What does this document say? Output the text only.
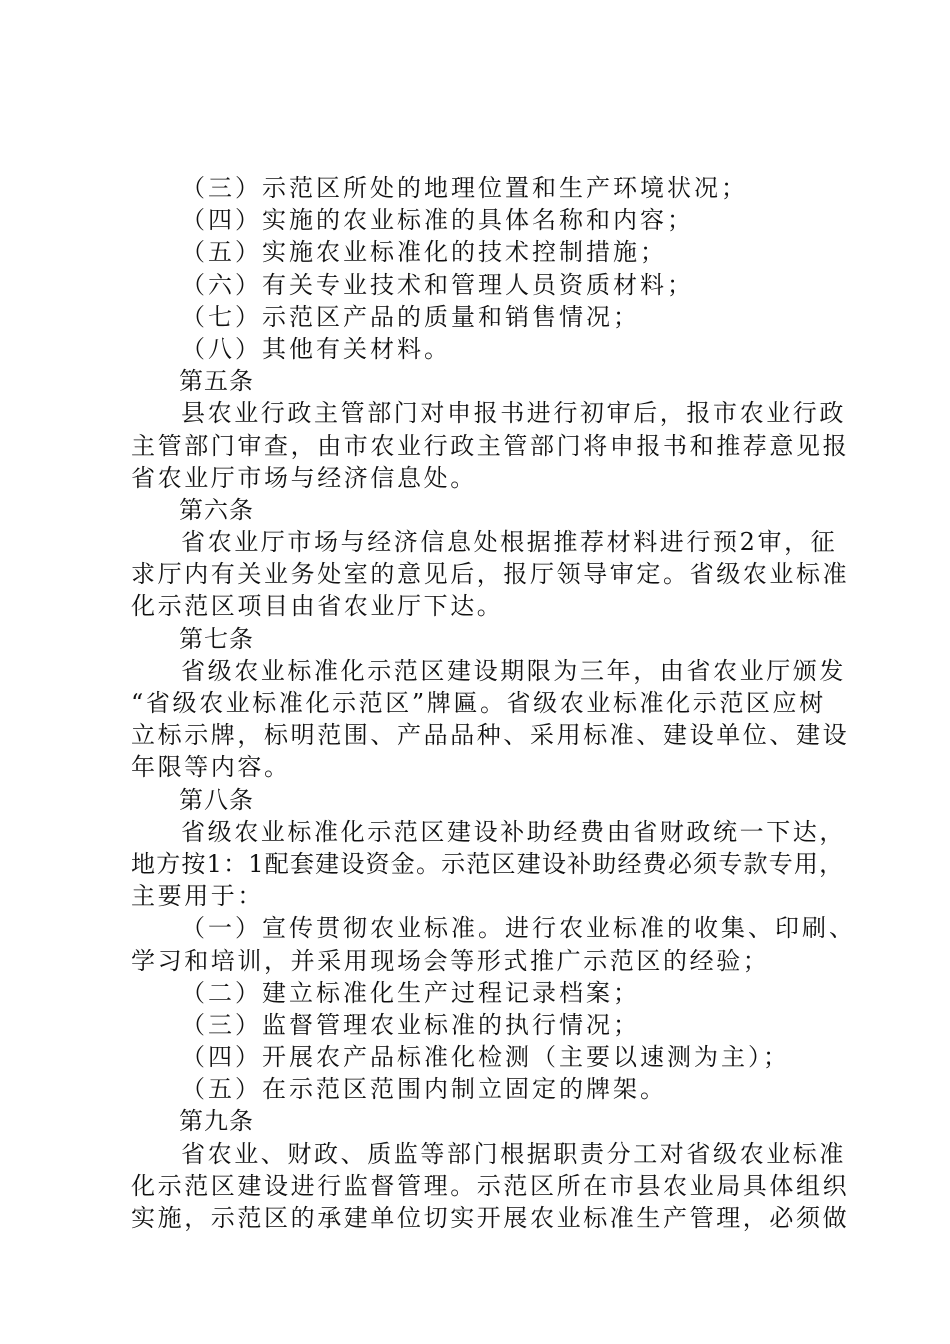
（三）示范区所处的地理位置和生产环境状况；
（四）实施的农业标准的具体名称和内容；
（五）实施农业标准化的技术控制措施；
（六）有关专业技术和管理人员资质材料；
（七）示范区产品的质量和销售情况；
（八）其他有关材料。
第五条
县农业行政主管部门对申报书进行初审后，报市农业行政
主管部门审查，由市农业行政主管部门将申报书和推荐意见报
省农业厅市场与经济信息处。
第六条
省农业厅市场与经济信息处根据推荐材料进行预2审，征
求厅内有关业务处室的意见后，报厅领导审定。省级农业标准
化示范区项目由省农业厅下达。
第七条
省级农业标准化示范区建设期限为三年，由省农业厅颁发
“省级农业标准化示范区”牌匾。省级农业标准化示范区应树
立标示牌，标明范围、产品品种、采用标准、建设单位、建设
年限等内容。
第八条
省级农业标准化示范区建设补助经费由省财政统一下达，
地方按1：1配套建设资金。示范区建设补助经费必须专款专用，
主要用于：
（一）宣传贯彻农业标准。进行农业标准的收集、印刷、
学习和培训，并采用现场会等形式推广示范区的经验；
（二）建立标准化生产过程记录档案；
（三）监督管理农业标准的执行情况；
（四）开展农产品标准化检测（主要以速测为主）；
（五）在示范区范围内制立固定的牌架。
第九条
省农业、财政、质监等部门根据职责分工对省级农业标准
化示范区建设进行监督管理。示范区所在市县农业局具体组织
实施，示范区的承建单位切实开展农业标准生产管理，必须做
